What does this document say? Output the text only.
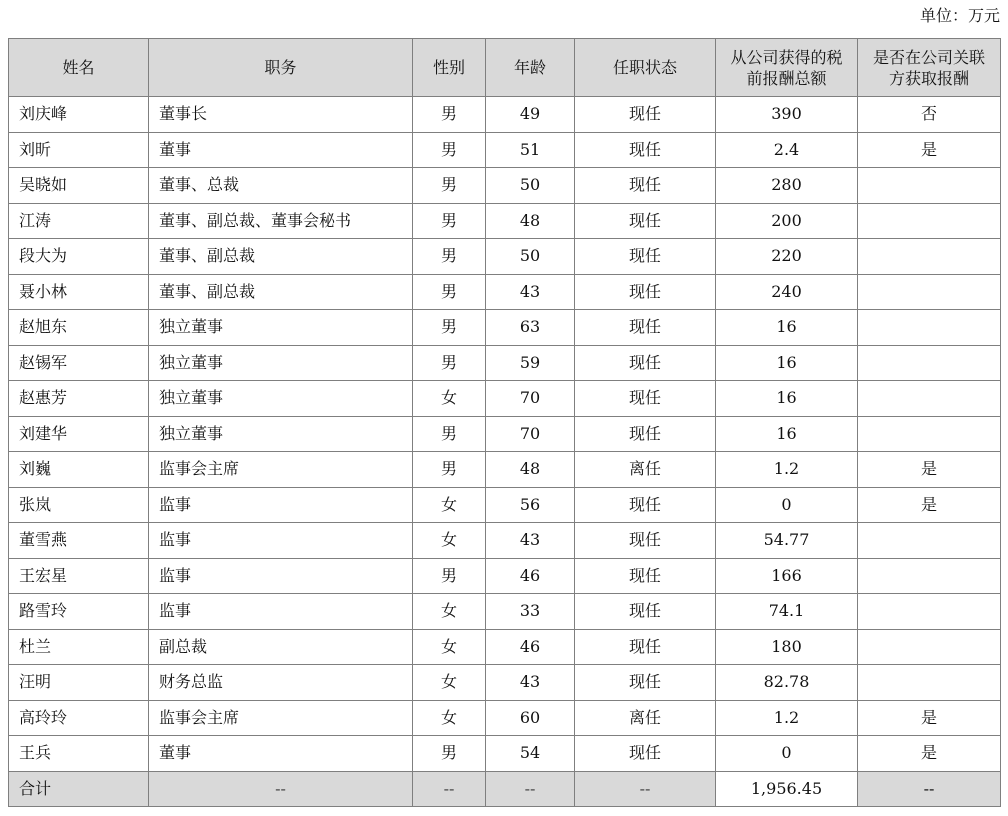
单位：万元
姓名	职务	性别	年龄	任职状态	从公司获得的税前报酬总额	是否在公司关联方获取报酬
刘庆峰	董事长	男	49	现任	390	否
刘昕	董事	男	51	现任	2.4	是
吴晓如	董事、总裁	男	50	现任	280	
江涛	董事、副总裁、董事会秘书	男	48	现任	200	
段大为	董事、副总裁	男	50	现任	220	
聂小林	董事、副总裁	男	43	现任	240	
赵旭东	独立董事	男	63	现任	16	
赵锡军	独立董事	男	59	现任	16	
赵惠芳	独立董事	女	70	现任	16	
刘建华	独立董事	男	70	现任	16	
刘巍	监事会主席	男	48	离任	1.2	是
张岚	监事	女	56	现任	0	是
董雪燕	监事	女	43	现任	54.77	
王宏星	监事	男	46	现任	166	
路雪玲	监事	女	33	现任	74.1	
杜兰	副总裁	女	46	现任	180	
汪明	财务总监	女	43	现任	82.78	
高玲玲	监事会主席	女	60	离任	1.2	是
王兵	董事	男	54	现任	0	是
合计	--	--	--	--	1,956.45	--
